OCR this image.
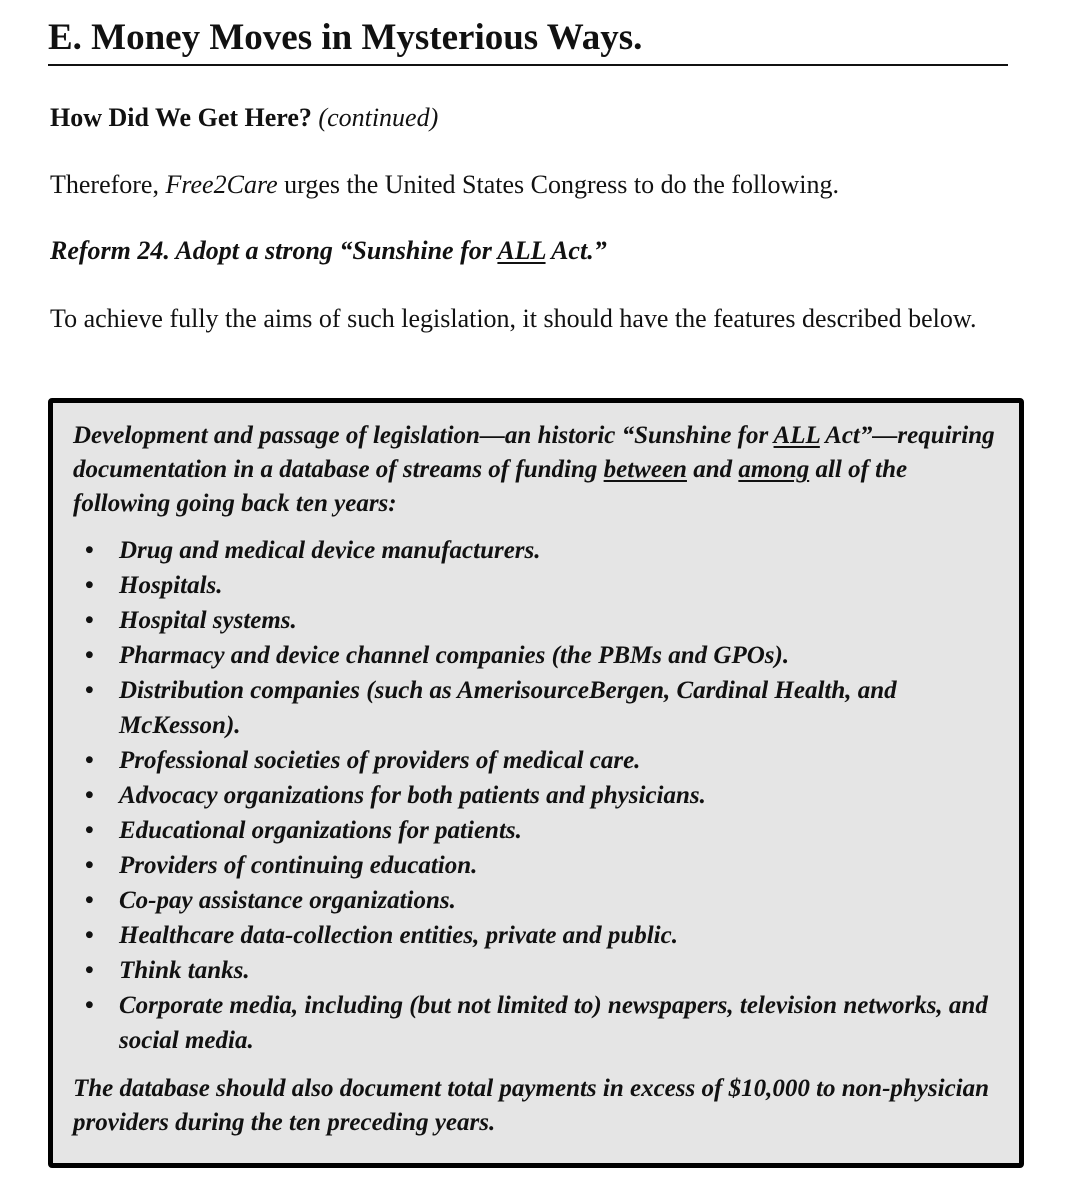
E. Money Moves in Mysterious Ways.

How Did We Get Here? (continued)

Therefore, Free2Care urges the United States Congress to do the following.

Reform 24. Adopt a strong “Sunshine for ALL Act.”

To achieve fully the aims of such legislation, it should have the features described below.

Development and passage of legislation—an historic “Sunshine for ALL Act”—requiring documentation in a database of streams of funding between and among all of the following going back ten years:

• Drug and medical device manufacturers.
• Hospitals.
• Hospital systems.
• Pharmacy and device channel companies (the PBMs and GPOs).
• Distribution companies (such as AmerisourceBergen, Cardinal Health, and McKesson).
• Professional societies of providers of medical care.
• Advocacy organizations for both patients and physicians.
• Educational organizations for patients.
• Providers of continuing education.
• Co-pay assistance organizations.
• Healthcare data-collection entities, private and public.
• Think tanks.
• Corporate media, including (but not limited to) newspapers, television networks, and social media.

The database should also document total payments in excess of $10,000 to non-physician providers during the ten preceding years.
